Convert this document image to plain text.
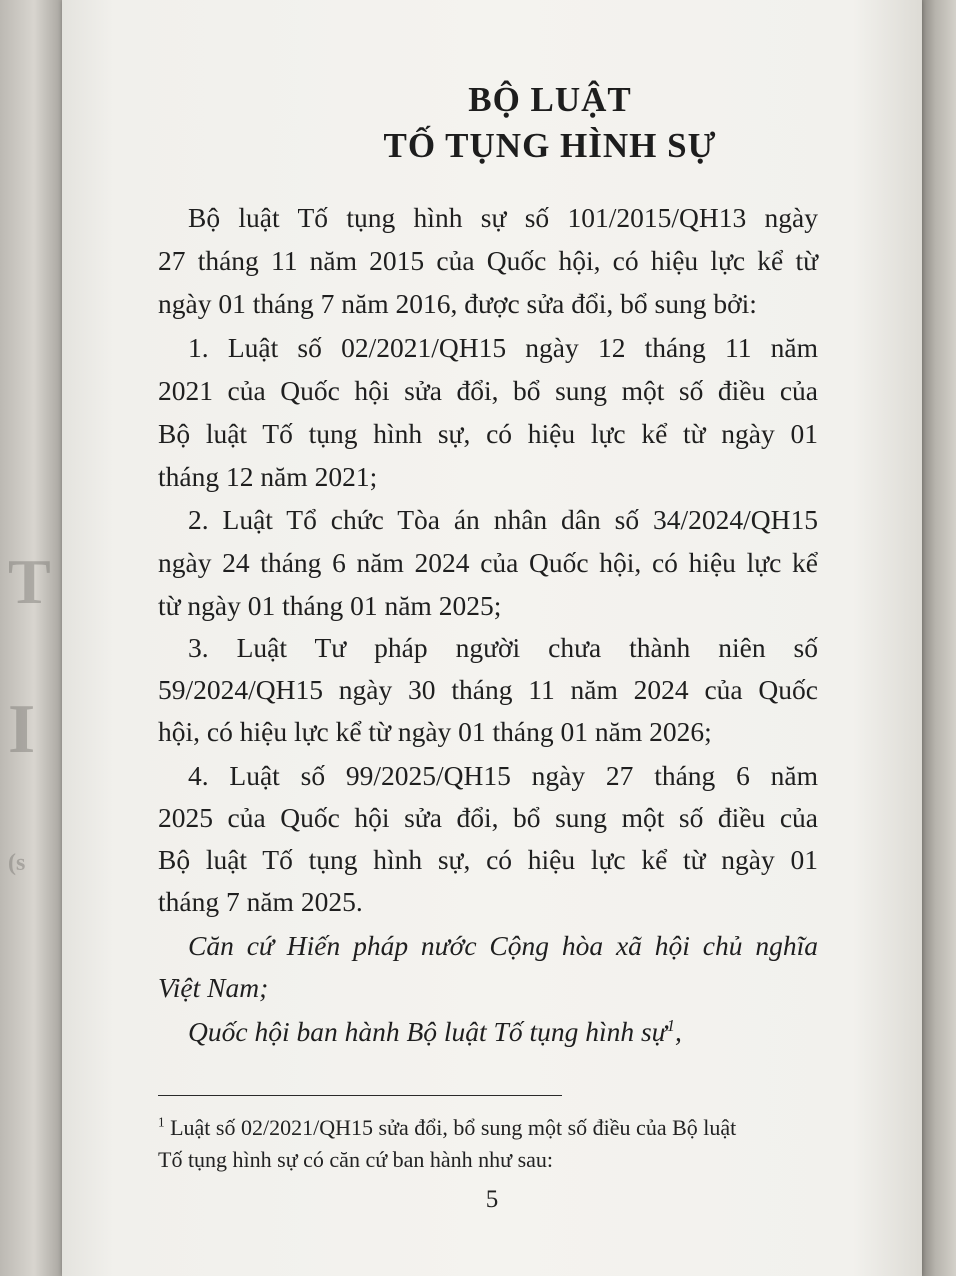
T
I
(s
BỘ LUẬT
TỐ TỤNG HÌNH SỰ
Bộ luật Tố tụng hình sự số 101/2015/QH13 ngày
27 tháng 11 năm 2015 của Quốc hội, có hiệu lực kể từ
ngày 01 tháng 7 năm 2016, được sửa đổi, bổ sung bởi:
1. Luật số 02/2021/QH15 ngày 12 tháng 11 năm
2021 của Quốc hội sửa đổi, bổ sung một số điều của
Bộ luật Tố tụng hình sự, có hiệu lực kể từ ngày 01
tháng 12 năm 2021;
2. Luật Tổ chức Tòa án nhân dân số 34/2024/QH15
ngày 24 tháng 6 năm 2024 của Quốc hội, có hiệu lực kể
từ ngày 01 tháng 01 năm 2025;
3. Luật Tư pháp người chưa thành niên số
59/2024/QH15 ngày 30 tháng 11 năm 2024 của Quốc
hội, có hiệu lực kể từ ngày 01 tháng 01 năm 2026;
4. Luật số 99/2025/QH15 ngày 27 tháng 6 năm
2025 của Quốc hội sửa đổi, bổ sung một số điều của
Bộ luật Tố tụng hình sự, có hiệu lực kể từ ngày 01
tháng 7 năm 2025.
Căn cứ Hiến pháp nước Cộng hòa xã hội chủ nghĩa
Việt Nam;
Quốc hội ban hành Bộ luật Tố tụng hình sự$^1$,
$^1$ Luật số 02/2021/QH15 sửa đổi, bổ sung một số điều của Bộ luật
Tố tụng hình sự có căn cứ ban hành như sau:
5
